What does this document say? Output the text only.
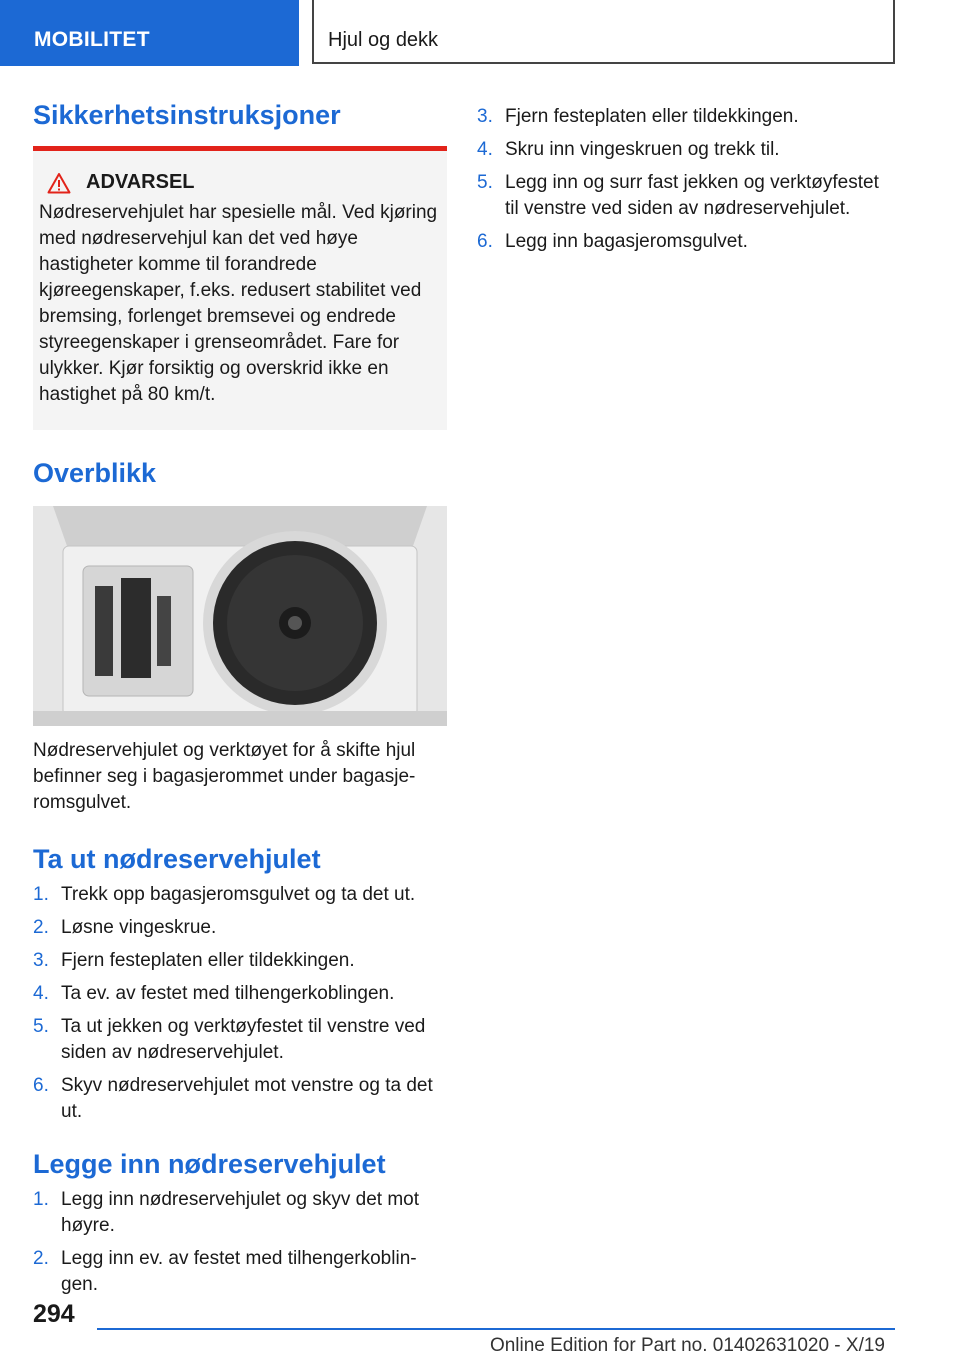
MOBILITET	Hjul og dekk
Sikkerhetsinstruksjoner
ADVARSEL

Nødreservehjulet har spesielle mål. Ved kjøring med nødreservehjul kan det ved høye hastigheter komme til forandrede kjøreegenskaper, f.eks. redusert stabilitet ved bremsing, forlenget bremsevei og endrede styreegenskaper i grenseområdet. Fare for ulykker. Kjør forsiktig og overskrid ikke en hastighet på 80 km/t.

Overblikk

Nødreservehjulet og verktøyet for å skifte hjul befinner seg i bagasjerommet under bagasjeromsgulvet.

Ta ut nødreservehjulet
1. Trekk opp bagasjeromsgulvet og ta det ut.
2. Løsne vingeskrue.
3. Fjern festeplaten eller tildekkingen.
4. Ta ev. av festet med tilhengerkoblingen.
5. Ta ut jekken og verktøyfestet til venstre ved siden av nødreservehjulet.
6. Skyv nødreservehjulet mot venstre og ta det ut.
Legge inn nødreservehjulet
1. Legg inn nødreservehjulet og skyv det mot høyre.
2. Legg inn ev. av festet med tilhengerkoblingen.
3. Fjern festeplaten eller tildekkingen.
4. Skru inn vingeskruen og trekk til.
5. Legg inn og surr fast jekken og verktøyfestet til venstre ved siden av nødreservehjulet.
6. Legg inn bagasjeromsgulvet.
294
Online Edition for Part no. 01402631020 - X/19
